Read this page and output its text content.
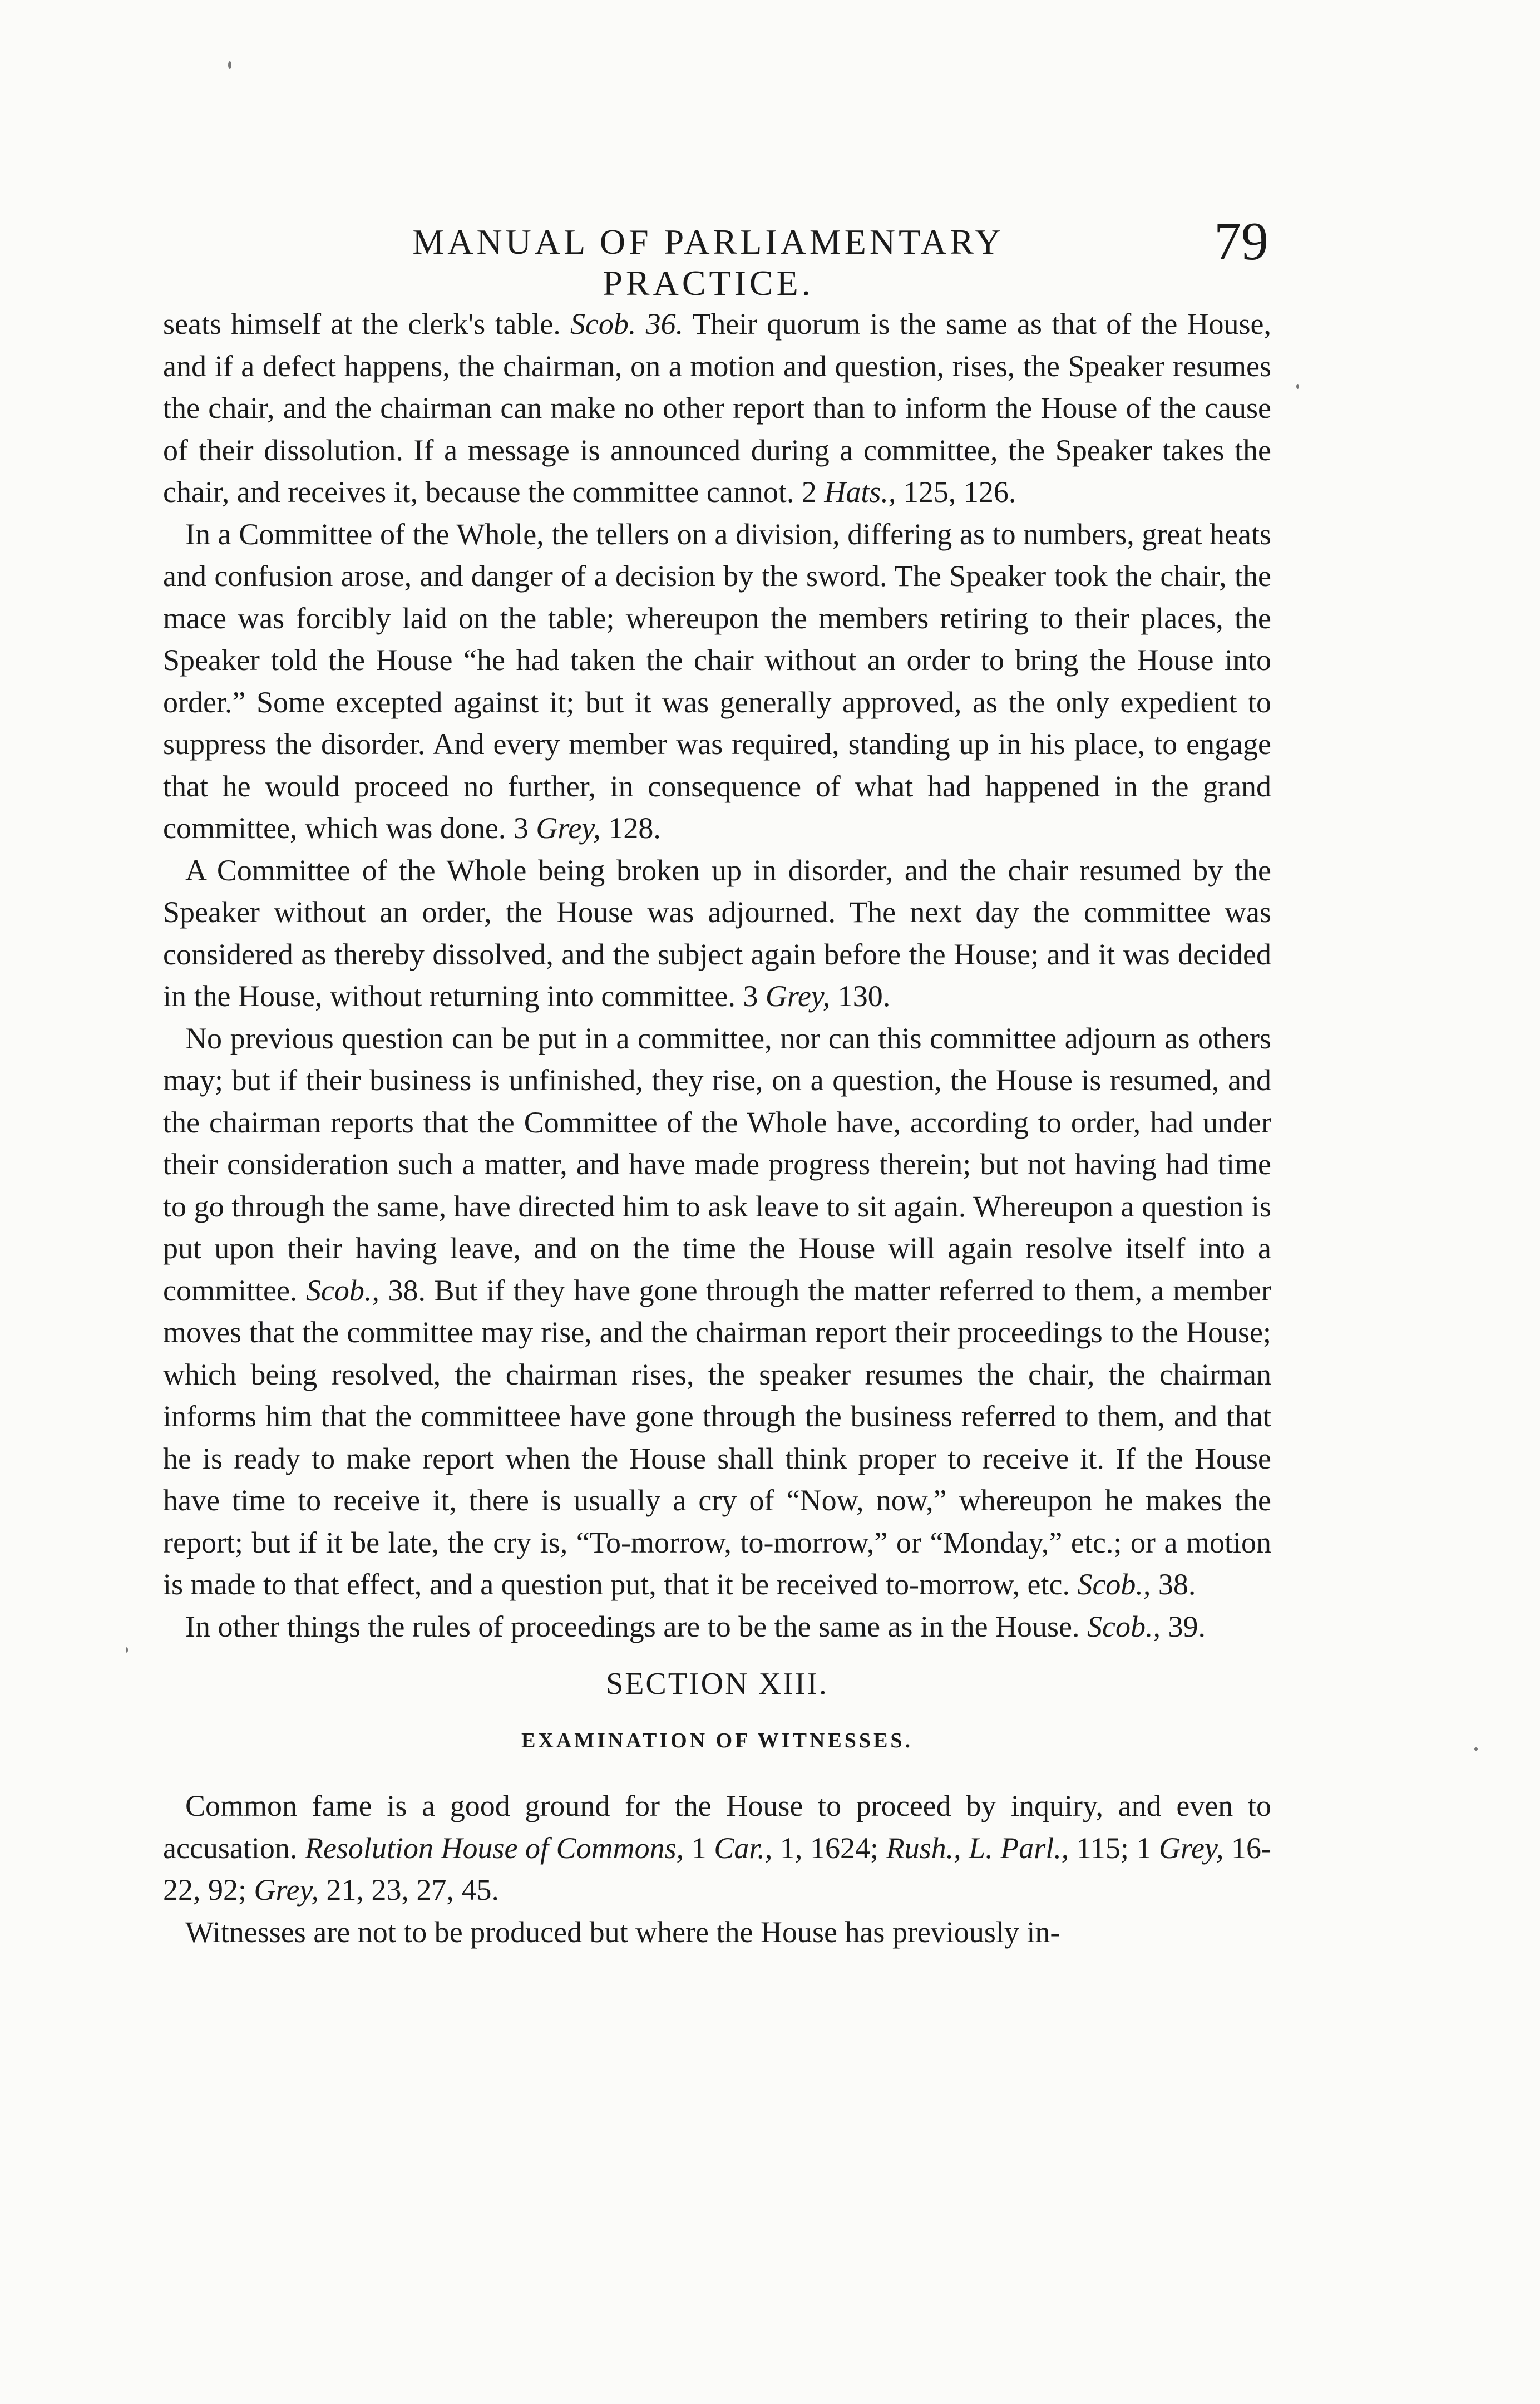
MANUAL OF PARLIAMENTARY PRACTICE.
79

seats himself at the clerk's table. Scob. 36. Their quorum is the same as that of the House, and if a defect happens, the chairman, on a motion and question, rises, the Speaker resumes the chair, and the chairman can make no other report than to inform the House of the cause of their dissolution. If a message is announced during a committee, the Speaker takes the chair, and receives it, because the committee cannot. 2 Hats., 125, 126.

In a Committee of the Whole, the tellers on a division, differing as to numbers, great heats and confusion arose, and danger of a decision by the sword. The Speaker took the chair, the mace was forcibly laid on the table; whereupon the members retiring to their places, the Speaker told the House “he had taken the chair without an order to bring the House into order.” Some excepted against it; but it was generally approved, as the only expedient to suppress the disorder. And every member was required, standing up in his place, to engage that he would proceed no further, in consequence of what had happened in the grand committee, which was done. 3 Grey, 128.

A Committee of the Whole being broken up in disorder, and the chair resumed by the Speaker without an order, the House was adjourned. The next day the committee was considered as thereby dissolved, and the subject again before the House; and it was decided in the House, without returning into committee. 3 Grey, 130.

No previous question can be put in a committee, nor can this committee adjourn as others may; but if their business is unfinished, they rise, on a question, the House is resumed, and the chairman reports that the Committee of the Whole have, according to order, had under their consideration such a matter, and have made progress therein; but not having had time to go through the same, have directed him to ask leave to sit again. Whereupon a question is put upon their having leave, and on the time the House will again resolve itself into a committee. Scob., 38. But if they have gone through the matter referred to them, a member moves that the committee may rise, and the chairman report their proceedings to the House; which being resolved, the chairman rises, the speaker resumes the chair, the chairman informs him that the committeee have gone through the business referred to them, and that he is ready to make report when the House shall think proper to receive it. If the House have time to receive it, there is usually a cry of “Now, now,” whereupon he makes the report; but if it be late, the cry is, “To-morrow, to-morrow,” or “Monday,” etc.; or a motion is made to that effect, and a question put, that it be received to-morrow, etc. Scob., 38.

In other things the rules of proceedings are to be the same as in the House. Scob., 39.

SECTION XIII.
EXAMINATION OF WITNESSES.

Common fame is a good ground for the House to proceed by inquiry, and even to accusation. Resolution House of Commons, 1 Car., 1, 1624; Rush., L. Parl., 115; 1 Grey, 16-22, 92; Grey, 21, 23, 27, 45.

Witnesses are not to be produced but where the House has previously in-
